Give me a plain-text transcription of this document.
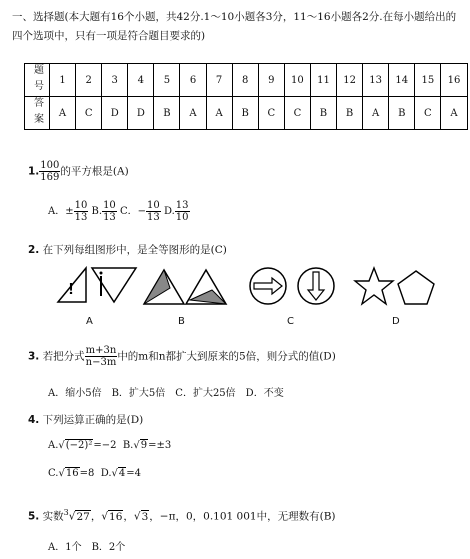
一、选择题(本大题有16个小题，共42分.1～10小题各3分，11～16小题各2分.在每小题给出的四个选项中，只有一项是符合题目要求的)
题号	1	2	3	4	5	6	7	8	9	10	11	12	13	14	15	16
答案	A	C	D	D	B	A	A	B	C	C	B	B	A	B	C	A
1. $\frac{100}{169}$ 的平方根是(A)
A．± $\frac{10}{13} B$. $\frac{10}{13}$ C．− $\frac{10}{13} D$. $\frac{13}{10}$
2. 在下列每组图形中，是全等图形的是(C)
!
A	B	C	D
3. 若把分式 $\frac{m+3n}{n-3m}$ 中的m和n都扩大到原来的5倍，则分式的值(D)
A．缩小5倍　B．扩大5倍　C．扩大25倍　D．不变
4. 下列运算正确的是(D)
A.√(−2)²=−2 B.√9=±3
C.√16=8 D.√4=4
5. 实数$^3$√27，√16，√3，−π，0，0.101 001中，无理数有(B)
A．1个　B．2个
